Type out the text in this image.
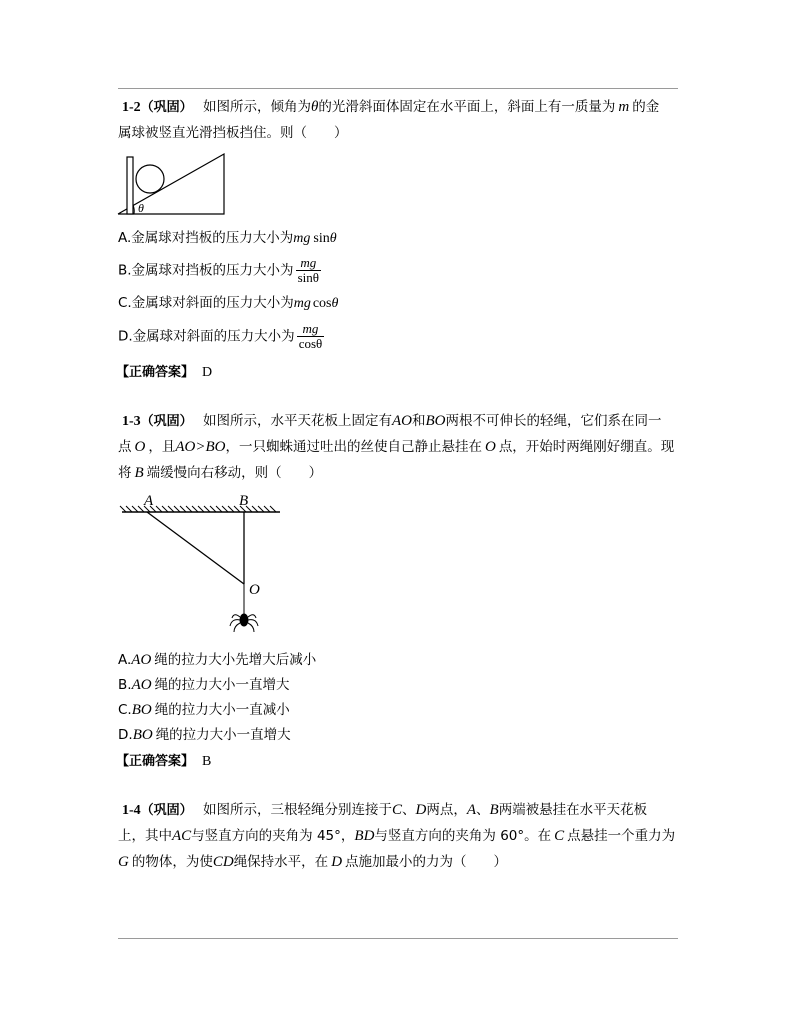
1-2（巩固） 如图所示，倾角为θ的光滑斜面体固定在水平面上，斜面上有一质量为 m 的金
属球被竖直光滑挡板挡住。则（　　）
θ
A.金属球对挡板的压力大小为mg sinθ
B.金属球对挡板的压力大小为 $\frac{mg}{\sin\theta}$
C.金属球对斜面的压力大小为mg cosθ
D.金属球对斜面的压力大小为 $\frac{mg}{\cos\theta}$
【正确答案】 D
1-3（巩固） 如图所示，水平天花板上固定有AO和BO两根不可伸长的轻绳，它们系在同一
点 O ，且AO>BO，一只蜘蛛通过吐出的丝使自己静止悬挂在 O 点，开始时两绳刚好绷直。现
将 B 端缓慢向右移动，则（　　）
A	B
O
A.AO 绳的拉力大小先增大后减小
B.AO 绳的拉力大小一直增大
C.BO 绳的拉力大小一直减小
D.BO 绳的拉力大小一直增大
【正确答案】 B
1-4（巩固） 如图所示，三根轻绳分别连接于C、D两点，A、B两端被悬挂在水平天花板
上，其中AC与竖直方向的夹角为 45°，BD与竖直方向的夹角为 60°。在 C 点悬挂一个重力为
G 的物体，为使CD绳保持水平，在 D 点施加最小的力为（　　）
